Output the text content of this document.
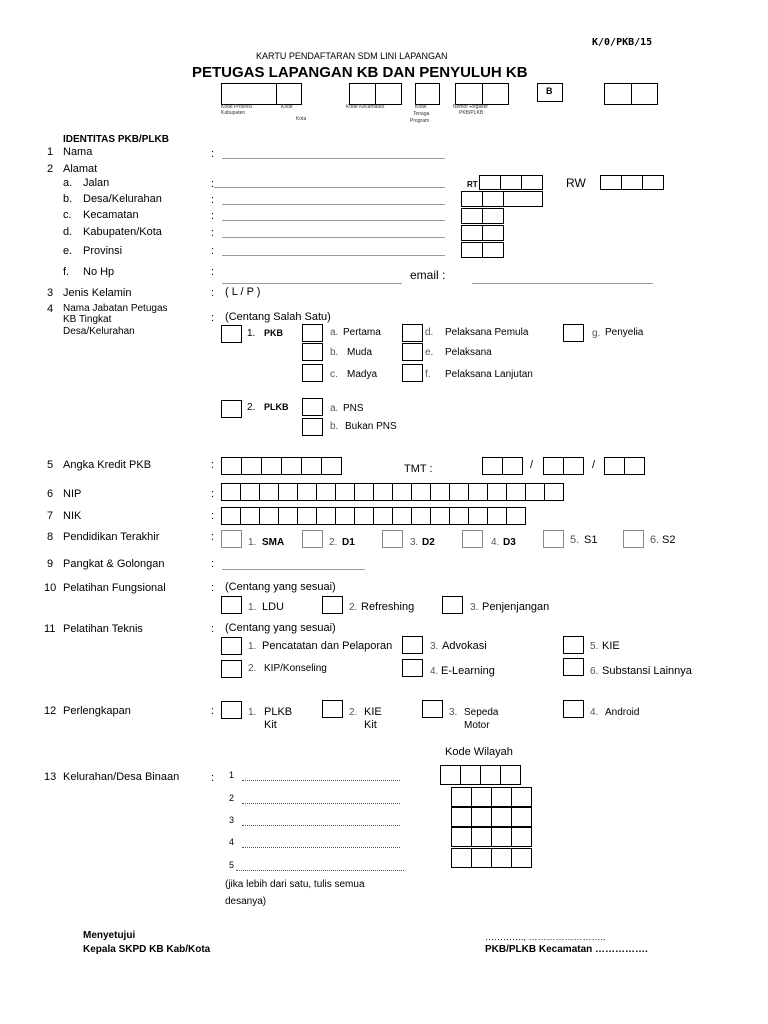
K/0/PKB/15
KARTU PENDAFTARAN SDM LINI LAPANGAN
PETUGAS LAPANGAN KB DAN PENYULUH KB
B
Kode Provinsi
Kabupaten
Kode
Kota
Kode Kecamatan	Kode
Tenaga
Program
Nomor Register
PKB/PLKB
IDENTITAS PKB/PLKB
1 Nama	:
2 Alamat
a. Jalan	:	RT	RW
b. Desa/Kelurahan	:
c. Kecamatan	:
d. Kabupaten/Kota	:
e. Provinsi	:
f. No Hp	:	email :
3 Jenis Kelamin	: ( L / P )
4 Nama Jabatan Petugas
KB Tingkat
Desa/Kelurahan
: (Centang Salah Satu)
1. PKB	a. Pertama
b. Muda
c. Madya
d. Pelaksana Pemula
e. Pelaksana
f. Pelaksana Lanjutan
g. Penyelia
2. PLKB	a. PNS
b. Bukan PNS
5 Angka Kredit PKB	:	TMT :	/	/
6 NIP	:
7 NIK	:
8 Pendidikan Terakhir	:	1. SMA	2. D1	3. D2	4. D3	5. S1	6. S2
9 Pangkat & Golongan	:
10 Pelatihan Fungsional	: (Centang yang sesuai)
1. LDU	2. Refreshing	3. Penjenjangan
11 Pelatihan Teknis	: (Centang yang sesuai)
1. Pencatatan dan Pelaporan
2. KIP/Konseling
3. Advokasi
4. E-Learning
5. KIE
6. Substansi Lainnya
12 Perlengkapan	:	1. PLKB
Kit
2. KIE
Kit
3. Sepeda
Motor
4. Android
Kode Wilayah
13 Kelurahan/Desa Binaan	: 1
2
3
4
5
(jika lebih dari satu, tulis semua
desanya)
Menyetujui
Kepala SKPD KB Kab/Kota
…………., ……………………..
PKB/PLKB Kecamatan …………….
